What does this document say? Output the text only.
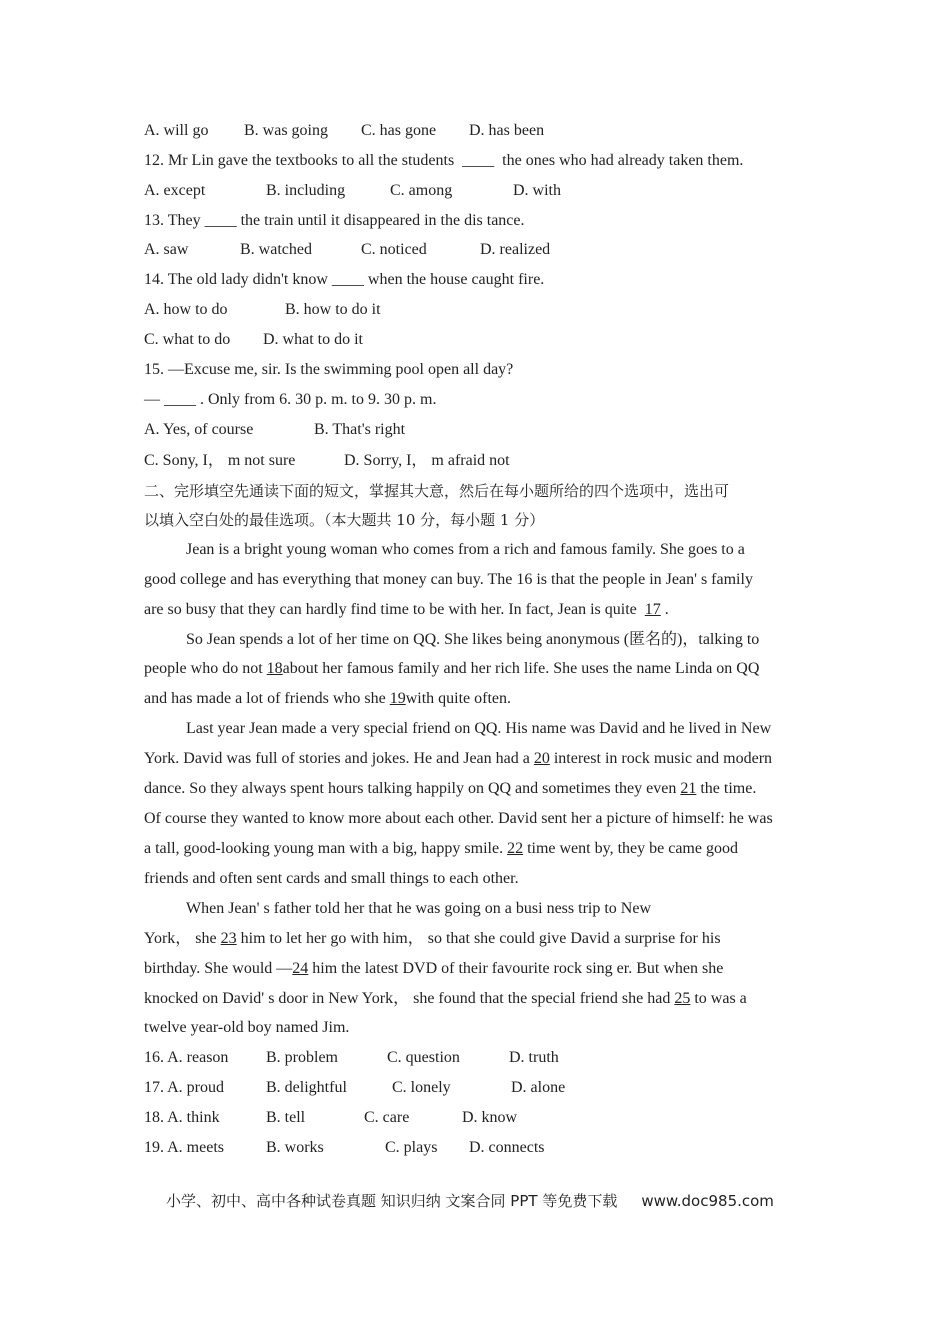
A. will go B. was going C. has gone D. has been
12. Mr Lin gave the textbooks to all the students ____ the ones who had already taken them.
A. except	B. including	C. among	D. with
13. They ____ the train until it disappeared in the dis tance.
A. saw	B. watched	C. noticed	D. realized
14. The old lady didn't know ____ when the house caught fire.
A. how to do	B. how to do it
C. what to do D. what to do it
15. —Excuse me, sir. Is the swimming pool open all day?
— ____ . Only from 6. 30 p. m. to 9. 30 p. m.
A. Yes, of course	B. That's right
C. Sony, I， m not sure	D. Sorry, I， m afraid not
二、完形填空先通读下面的短文，掌握其大意，然后在每小题所给的四个选项中，选出可
以填入空白处的最佳选项。（本大题共 10 分，每小题 1 分）
Jean is a bright young woman who comes from a rich and famous family. She goes to a
good college and has everything that money can buy. The 16 is that the people in Jean' s family
are so busy that they can hardly find time to be with her. In fact, Jean is quite 17 .
So Jean spends a lot of her time on QQ. She likes being anonymous (匿名的)，talking to
people who do not 18about her famous family and her rich life. She uses the name Linda on QQ
and has made a lot of friends who she 19with quite often.
Last year Jean made a very special friend on QQ. His name was David and he lived in New
York. David was full of stories and jokes. He and Jean had a 20 interest in rock music and modern
dance. So they always spent hours talking happily on QQ and sometimes they even 21 the time.
Of course they wanted to know more about each other. David sent her a picture of himself: he was
a tall, good-looking young man with a big, happy smile. 22 time went by, they be came good
friends and often sent cards and small things to each other.
When Jean' s father told her that he was going on a busi ness trip to New
York， she 23 him to let her go with him， so that she could give David a surprise for his
birthday. She would —24 him the latest DVD of their favourite rock sing er. But when she
knocked on David' s door in New York， she found that the special friend she had 25 to was a
twelve year-old boy named Jim.
16. A. reason B. problem	C. question	D. truth
17. A. proud	B. delightful	C. lonely	D. alone
18. A. think	B. tell	C. care	D. know
19. A. meets	B. works	C. plays D. connects
小学、初中、高中各种试卷真题 知识归纳 文案合同 PPT 等免费下载 www.doc985.com
